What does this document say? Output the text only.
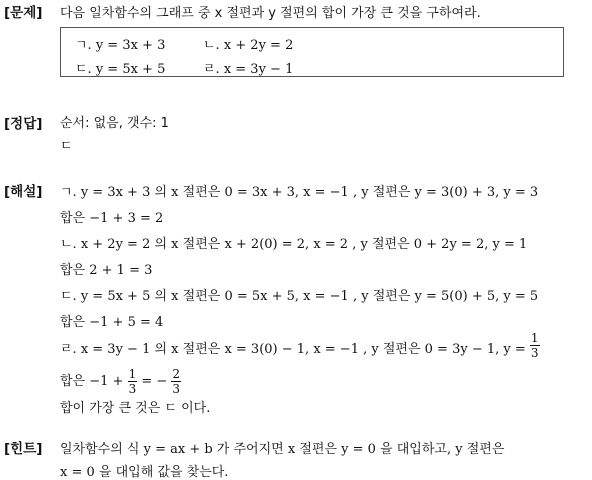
[문제] 다음 일차함수의 그래프 중 x 절편과 y 절편의 합이 가장 큰 것을 구하여라.
ㄱ. y = 3x + 3	ㄴ. x + 2y = 2
ㄷ. y = 5x + 5	ㄹ. x = 3y − 1
[정답] 순서: 없음, 갯수: 1
ㄷ
[해설] ㄱ. y = 3x + 3 의 x 절편은 0 = 3x + 3, x = −1 , y 절편은 y = 3(0) + 3, y = 3
합은 −1 + 3 = 2
ㄴ. x + 2y = 2 의 x 절편은 x + 2(0) = 2, x = 2 , y 절편은 0 + 2y = 2, y = 1
합은 2 + 1 = 3
ㄷ. y = 5x + 5 의 x 절편은 0 = 5x + 5, x = −1 , y 절편은 y = 5(0) + 5, y = 5
합은 −1 + 5 = 4
ㄹ. x = 3y − 1 의 x 절편은 x = 3(0) − 1, x = −1 , y 절편은 0 = 3y − 1, $y = \frac{1}{3}$
합은 $-1 + \frac{1}{3}$ = − $\frac{2}{3}$
합이 가장 큰 것은 ㄷ 이다.
[힌트] 일차함수의 식 y = ax + b 가 주어지면 x 절편은 y = 0 을 대입하고, y 절편은
x = 0 을 대입해 값을 찾는다.
